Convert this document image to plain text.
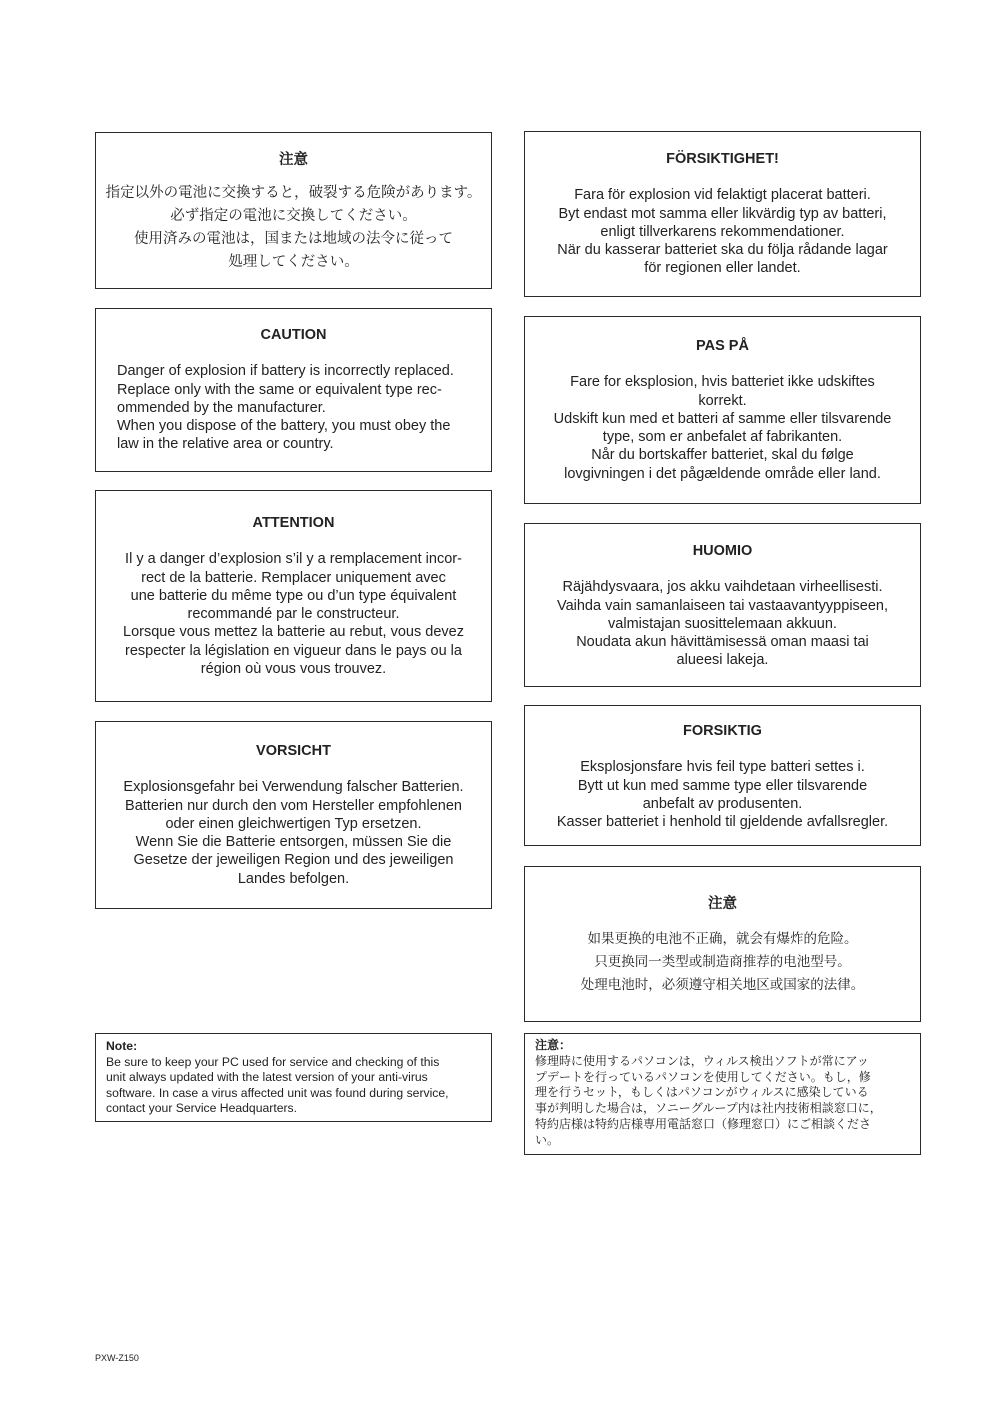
注意
指定以外の電池に交換すると，破裂する危険があります。
必ず指定の電池に交換してください。
使用済みの電池は，国または地域の法令に従って
処理してください。
CAUTION
Danger of explosion if battery is incorrectly replaced.
Replace only with the same or equivalent type rec-
ommended by the manufacturer.
When you dispose of the battery, you must obey the
law in the relative area or country.
ATTENTION
Il y a danger d’explosion s’il y a remplacement incor-
rect de la batterie. Remplacer uniquement avec
une batterie du même type ou d’un type équivalent
recommandé par le constructeur.
Lorsque vous mettez la batterie au rebut, vous devez
respecter la législation en vigueur dans le pays ou la
région où vous vous trouvez.
VORSICHT
Explosionsgefahr bei Verwendung falscher Batterien.
Batterien nur durch den vom Hersteller empfohlenen
oder einen gleichwertigen Typ ersetzen.
Wenn Sie die Batterie entsorgen, müssen Sie die
Gesetze der jeweiligen Region und des jeweiligen
Landes befolgen.
FÖRSIKTIGHET!
Fara för explosion vid felaktigt placerat batteri.
Byt endast mot samma eller likvärdig typ av batteri,
enligt tillverkarens rekommendationer.
När du kasserar batteriet ska du följa rådande lagar
för regionen eller landet.
PAS PÅ
Fare for eksplosion, hvis batteriet ikke udskiftes
korrekt.
Udskift kun med et batteri af samme eller tilsvarende
type, som er anbefalet af fabrikanten.
Når du bortskaffer batteriet, skal du følge
lovgivningen i det pågældende område eller land.
HUOMIO
Räjähdysvaara, jos akku vaihdetaan virheellisesti.
Vaihda vain samanlaiseen tai vastaavantyyppiseen,
valmistajan suosittelemaan akkuun.
Noudata akun hävittämisessä oman maasi tai
alueesi lakeja.
FORSIKTIG
Eksplosjonsfare hvis feil type batteri settes i.
Bytt ut kun med samme type eller tilsvarende
anbefalt av produsenten.
Kasser batteriet i henhold til gjeldende avfallsregler.
注意
如果更换的电池不正确，就会有爆炸的危险。
只更换同一类型或制造商推荐的电池型号。
处理电池时，必须遵守相关地区或国家的法律。
Note:
Be sure to keep your PC used for service and checking of this
unit always updated with the latest version of your anti-virus
software. In case a virus affected unit was found during service,
contact your Service Headquarters.
注意：
修理時に使用するパソコンは，ウィルス検出ソフトが常にアッ
プデートを行っているパソコンを使用してください。もし，修
理を行うセット，もしくはパソコンがウィルスに感染している
事が判明した場合は，ソニーグループ内は社内技術相談窓口に，
特約店様は特約店様専用電話窓口（修理窓口）にご相談くださ
い。
PXW-Z150
